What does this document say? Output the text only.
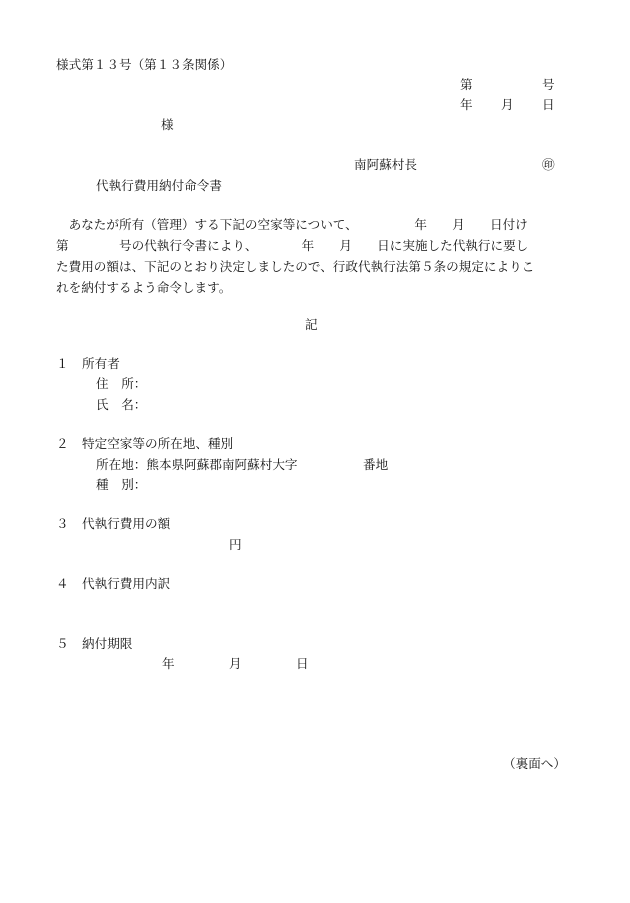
様式第１３号（第１３条関係）
第	号
年 月 日
様
南阿蘇村長	㊞
代執行費用納付命令書
　あなたが所有（管理）する下記の空家等について、　　　　　年　　月　　日付け
第　　　　号の代執行令書により、　　　　年　　月　　日に実施した代執行に要し
た費用の額は、下記のとおり決定しましたので、行政代執行法第５条の規定によりこ
れを納付するよう命令します。
記
１ 所有者
住　所：
氏　名：
２ 特定空家等の所在地、種別
所在地：熊本県阿蘇郡南阿蘇村大字	番地
種　別：
３ 代執行費用の額
円
４ 代執行費用内訳
５ 納付期限
年	月	日
（裏面へ）
